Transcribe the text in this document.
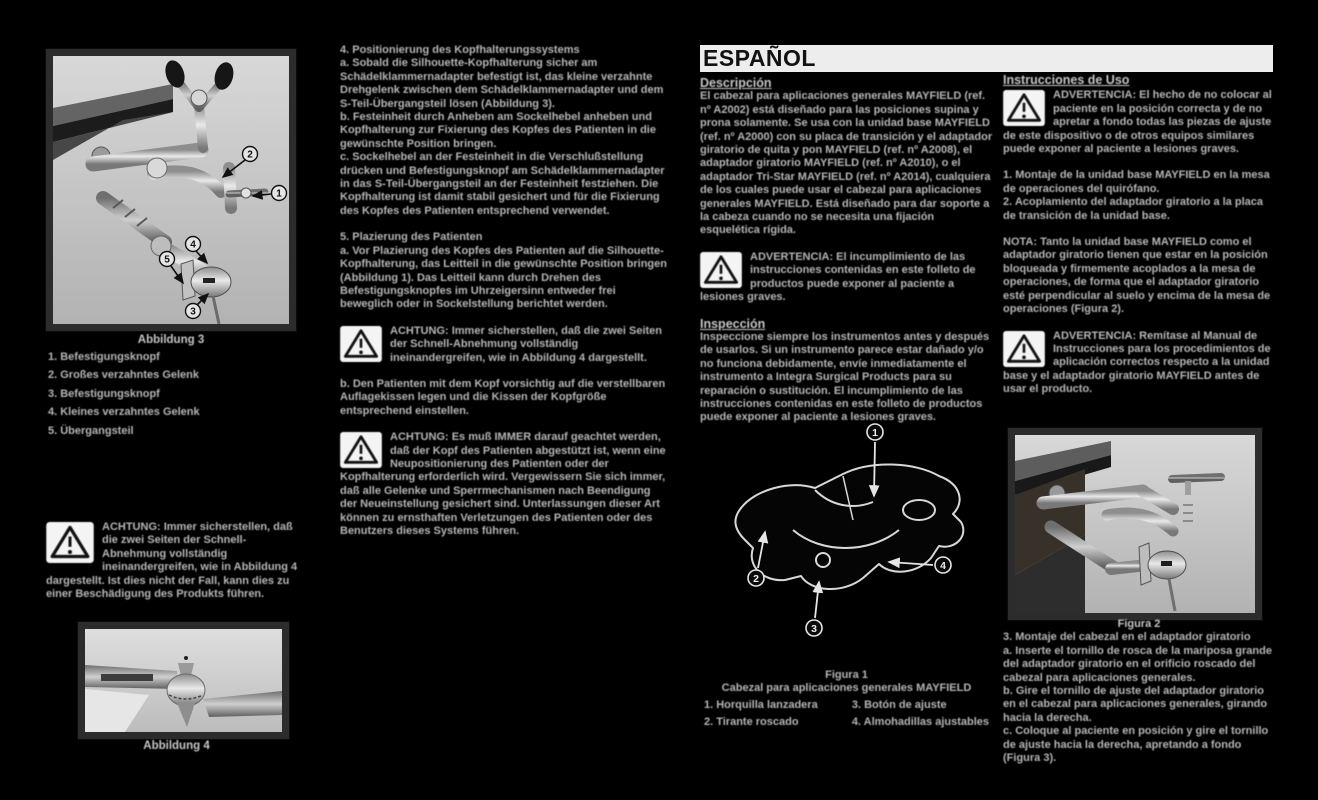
2
1
4
5
3
Abbildung 3
1. Befestigungsknopf
2. Großes verzahntes Gelenk
3. Befestigungsknopf
4. Kleines verzahntes Gelenk
5. Übergangsteil
ACHTUNG: Immer sicherstellen, daß die zwei Seiten der Schnell-Abnehmung vollständig ineinandergreifen, wie in Abbildung 4 dargestellt. Ist dies nicht der Fall, kann dies zu einer Beschädigung des Produkts führen.
Abbildung 4
4. Positionierung des Kopfhalterungssystems
a. Sobald die Silhouette-Kopfhalterung sicher am Schädelklammernadapter befestigt ist, das kleine verzahnte Drehgelenk zwischen dem Schädelklammernadapter und dem S-Teil-Übergangsteil lösen (Abbildung 3).
b. Festeinheit durch Anheben am Sockelhebel anheben und Kopfhalterung zur Fixierung des Kopfes des Patienten in die gewünschte Position bringen.
c. Sockelhebel an der Festeinheit in die Verschlußstellung drücken und Befestigungsknopf am Schädelklammernadapter in das S-Teil-Übergangsteil an der Festeinheit festziehen. Die Kopfhalterung ist damit stabil gesichert und für die Fixierung des Kopfes des Patienten entsprechend verwendet.
5. Plazierung des Patienten
a. Vor Plazierung des Kopfes des Patienten auf die Silhouette-Kopfhalterung, das Leitteil in die gewünschte Position bringen (Abbildung 1). Das Leitteil kann durch Drehen des Befestigungsknopfes im Uhrzeigersinn entweder frei beweglich oder in Sockelstellung berichtet werden.
ACHTUNG: Immer sicherstellen, daß die zwei Seiten der Schnell-Abnehmung vollständig ineinandergreifen, wie in Abbildung 4 dargestellt.
b. Den Patienten mit dem Kopf vorsichtig auf die verstellbaren Auflagekissen legen und die Kissen der Kopfgröße entsprechend einstellen.
ACHTUNG: Es muß IMMER darauf geachtet werden, daß der Kopf des Patienten abgestützt ist, wenn eine Neupositionierung des Patienten oder der Kopfhalterung erforderlich wird. Vergewissern Sie sich immer, daß alle Gelenke und Sperrmechanismen nach Beendigung der Neueinstellung gesichert sind. Unterlassungen dieser Art können zu ernsthaften Verletzungen des Patienten oder des Benutzers dieses Systems führen.
ESPAÑOL
Descripción
El cabezal para aplicaciones generales MAYFIELD (ref. nº A2002) está diseñado para las posiciones supina y prona solamente. Se usa con la unidad base MAYFIELD (ref. nº A2000) con su placa de transición y el adaptador giratorio de quita y pon MAYFIELD (ref. nº A2008), el adaptador giratorio MAYFIELD (ref. nº A2010), o el adaptador Tri-Star MAYFIELD (ref. nº A2014), cualquiera de los cuales puede usar el cabezal para aplicaciones generales MAYFIELD. Está diseñado para dar soporte a la cabeza cuando no se necesita una fijación esquelética rígida.
ADVERTENCIA: El incumplimiento de las instrucciones contenidas en este folleto de productos puede exponer al paciente a lesiones graves.
Inspección
Inspeccione siempre los instrumentos antes y después de usarlos. Si un instrumento parece estar dañado y/o no funciona debidamente, envíe inmediatamente el instrumento a Integra Surgical Products para su reparación o sustitución. El incumplimiento de las instrucciones contenidas en este folleto de productos puede exponer al paciente a lesiones graves.
1
2
3
4
Figura 1
Cabezal para aplicaciones generales MAYFIELD
1. Horquilla lanzadera
2. Tirante roscado
3. Botón de ajuste
4. Almohadillas ajustables
Instrucciones de Uso
ADVERTENCIA: El hecho de no colocar al paciente en la posición correcta y de no apretar a fondo todas las piezas de ajuste de este dispositivo o de otros equipos similares puede exponer al paciente a lesiones graves.
1. Montaje de la unidad base MAYFIELD en la mesa de operaciones del quirófano.
2. Acoplamiento del adaptador giratorio a la placa de transición de la unidad base.
NOTA: Tanto la unidad base MAYFIELD como el adaptador giratorio tienen que estar en la posición bloqueada y firmemente acoplados a la mesa de operaciones, de forma que el adaptador giratorio esté perpendicular al suelo y encima de la mesa de operaciones (Figura 2).
ADVERTENCIA: Remítase al Manual de Instrucciones para los procedimientos de aplicación correctos respecto a la unidad base y el adaptador giratorio MAYFIELD antes de usar el producto.
Figura 2
3. Montaje del cabezal en el adaptador giratorio
a. Inserte el tornillo de rosca de la mariposa grande del adaptador giratorio en el orificio roscado del cabezal para aplicaciones generales.
b. Gire el tornillo de ajuste del adaptador giratorio en el cabezal para aplicaciones generales, girando hacia la derecha.
c. Coloque al paciente en posición y gire el tornillo de ajuste hacia la derecha, apretando a fondo (Figura 3).
